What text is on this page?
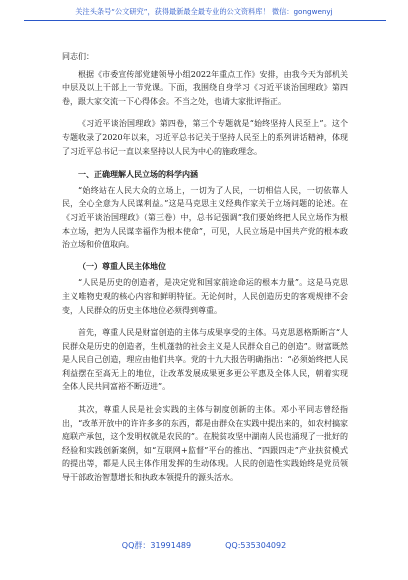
关注头条号“公文研究”，获得最新最全最专业的公文资料库！ 微信：gongwenyj

同志们：

根据《市委宣传部党建领导小组2022年重点工作》安排，由我今天为部机关中层及以上干部上一节党课。下面，我围绕自身学习《习近平谈治国理政》第四卷，跟大家交流一下心得体会。不当之处，也请大家批评指正。

《习近平谈治国理政》第四卷，第三个专题就是“始终坚持人民至上”。这个专题收录了2020年以来，习近平总书记关于坚持人民至上的系列讲话精神，体现了习近平总书记一直以来坚持以人民为中心的施政理念。

一、正确理解人民立场的科学内涵

“始终站在人民大众的立场上，一切为了人民，一切相信人民，一切依靠人民，全心全意为人民谋利益。”这是马克思主义经典作家关于立场问题的论述。在《习近平谈治国理政》（第三卷）中，总书记强调“我们要始终把人民立场作为根本立场，把为人民谋幸福作为根本使命”，可见，人民立场是中国共产党的根本政治立场和价值取向。

（一）尊重人民主体地位

“人民是历史的创造者，是决定党和国家前途命运的根本力量”。这是马克思主义唯物史观的核心内容和鲜明特征。无论何时，人民创造历史的客观规律不会变，人民群众的历史主体地位必须得到尊重。

首先，尊重人民是财富创造的主体与成果享受的主体。马克思恩格斯断言“人民群众是历史的创造者，生机蓬勃的社会主义是人民群众自己的创造”。财富既然是人民自己创造，理应由他们共享。党的十九大报告明确指出：“必须始终把人民利益摆在至高无上的地位，让改革发展成果更多更公平惠及全体人民，朝着实现全体人民共同富裕不断迈进”。

其次，尊重人民是社会实践的主体与制度创新的主体。邓小平同志曾经指出，“改革开放中的许许多多的东西，都是由群众在实践中提出来的，如农村搞家庭联产承包，这个发明权就是农民的”。在脱贫攻坚中湖南人民也涌现了一批好的经验和实践创新案例，如“互联网+监督”平台的推出、“四跟四走”产业扶贫模式的提出等，都是人民主体作用发挥的生动体现。人民的创造性实践始终是党员领导干部政治智慧增长和执政本领提升的源头活水。

QQ群：31991489	QQ:535304092
